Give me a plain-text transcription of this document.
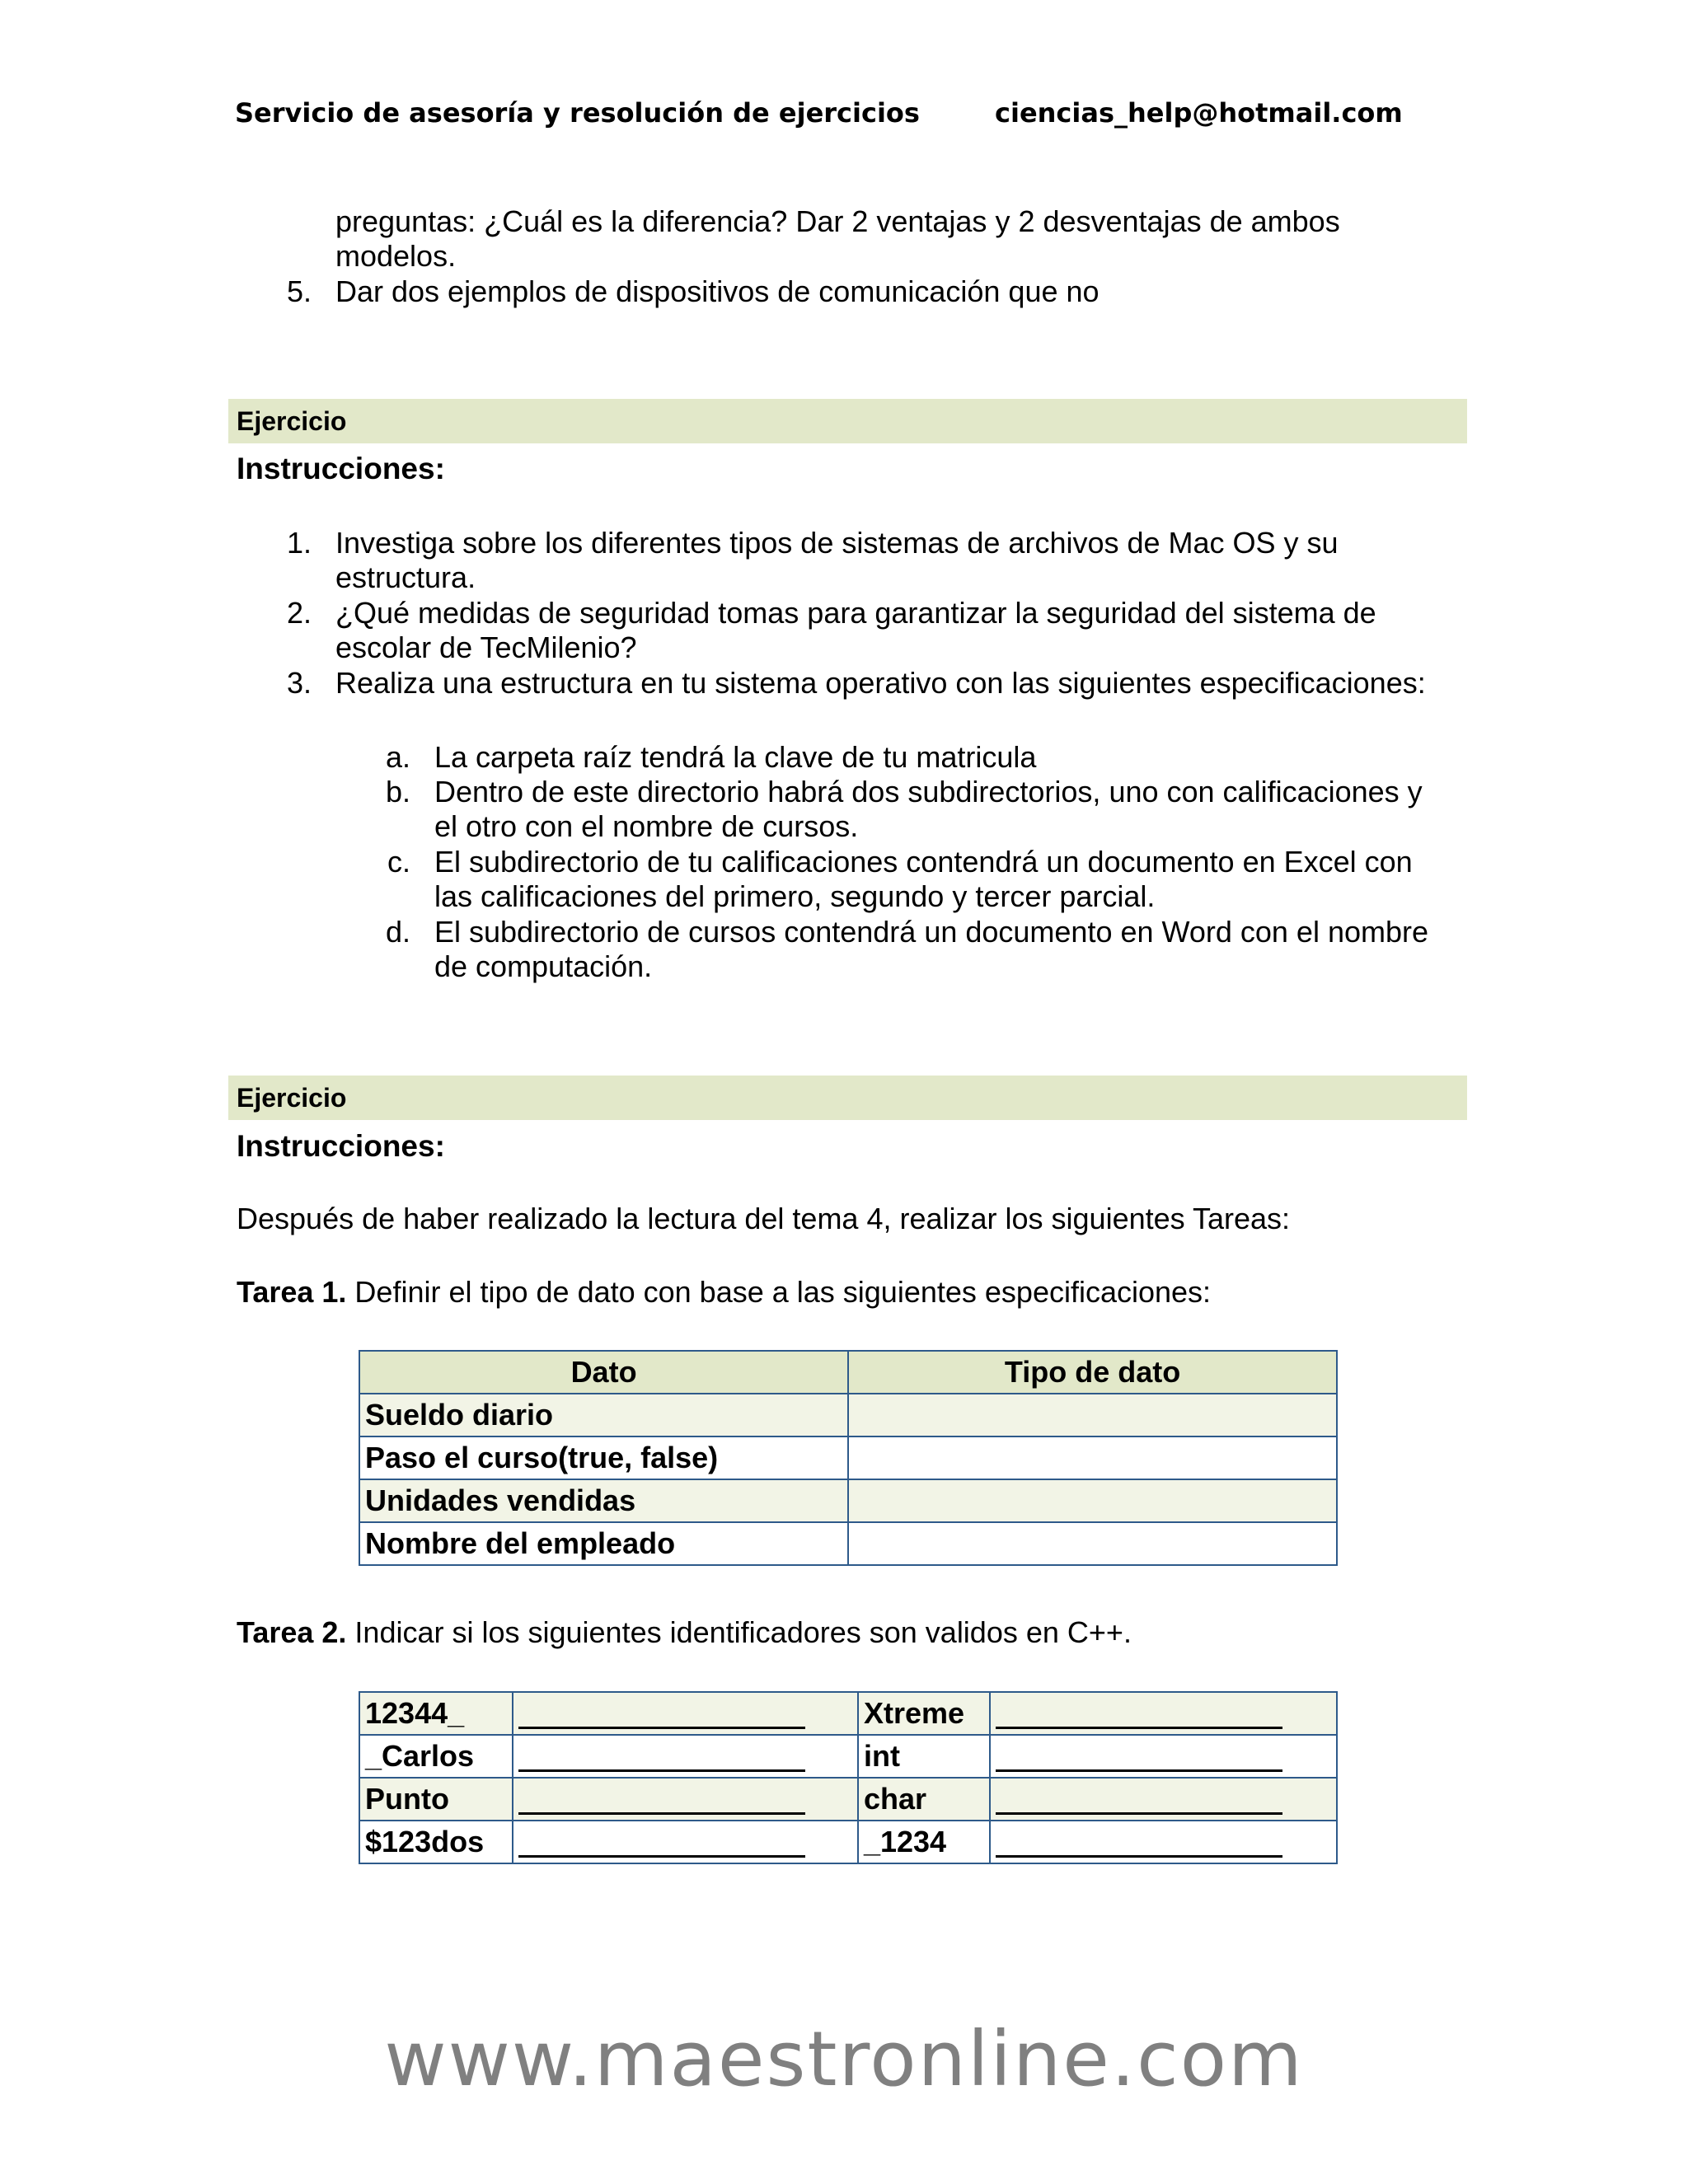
Servicio de asesoría y resolución de ejercicios	ciencias_help@hotmail.com
preguntas: ¿Cuál es la diferencia? Dar 2 ventajas y 2 desventajas de ambos
modelos.
5. Dar dos ejemplos de dispositivos de comunicación que no
Ejercicio
Instrucciones:
1. Investiga sobre los diferentes tipos de sistemas de archivos de Mac OS y su
estructura.
2. ¿Qué medidas de seguridad tomas para garantizar la seguridad del sistema de
escolar de TecMilenio?
3. Realiza una estructura en tu sistema operativo con las siguientes especificaciones:
a. La carpeta raíz tendrá la clave de tu matricula
b. Dentro de este directorio habrá dos subdirectorios, uno con calificaciones y
el otro con el nombre de cursos.
c. El subdirectorio de tu calificaciones contendrá un documento en Excel con
las calificaciones del primero, segundo y tercer parcial.
d. El subdirectorio de cursos contendrá un documento en Word con el nombre
de computación.
Ejercicio
Instrucciones:
Después de haber realizado la lectura del tema 4, realizar los siguientes Tareas:
Tarea 1. Definir el tipo de dato con base a las siguientes especificaciones:
Dato	Tipo de dato
Sueldo diario	
Paso el curso(true, false)	
Unidades vendidas	
Nombre del empleado	
Tarea 2. Indicar si los siguientes identificadores son validos en C++.
12344_		Xtreme	
_Carlos		int	
Punto		char	
$123dos		_1234	
www.maestronline.com
